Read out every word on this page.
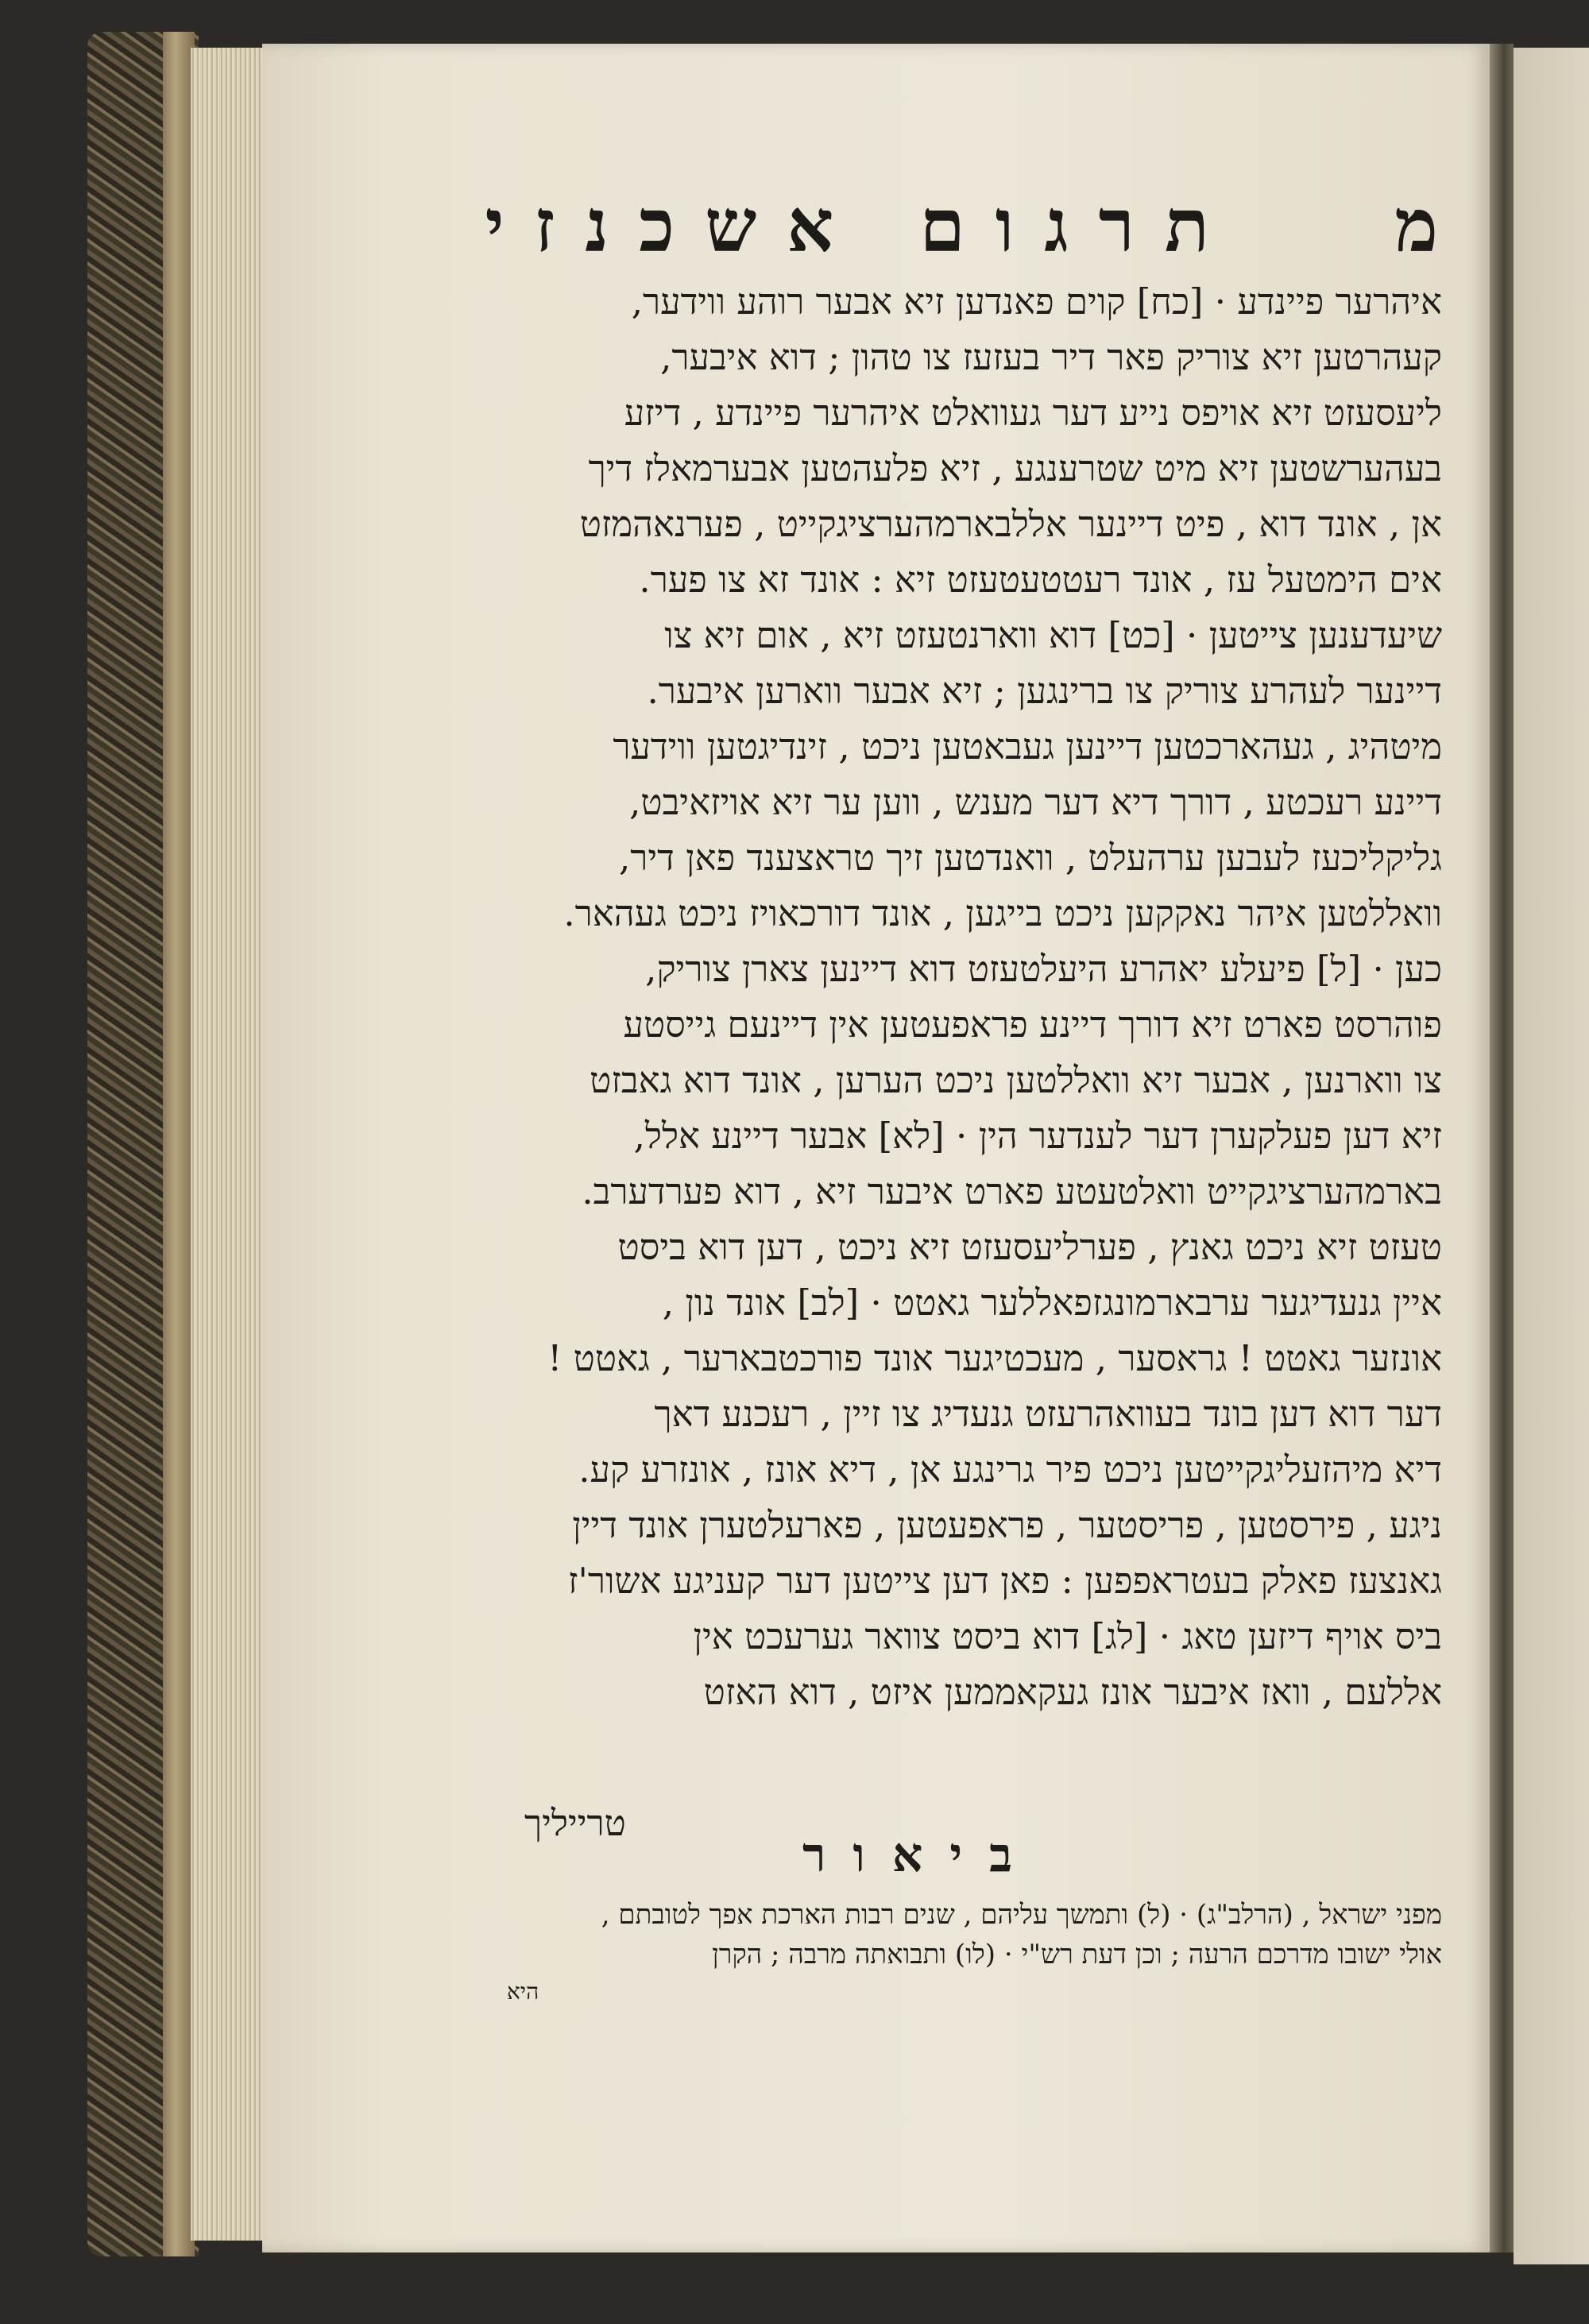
מ
תרגום אשכנזי
איהרער פיינדע · [כח] קוים פאנדען זיא אבער רוהע ווידער,
קעהרטען זיא צוריק פאר דיר בעזעז צו טהון ; דוא איבער,
ליעסעזט זיא אויפס נייע דער געוואלט איהרער פיינדע , דיזע
בעהערשטען זיא מיט שטרענגע , זיא פלעהטען אבערמאלז דיך
אן , אונד דוא , פיט דיינער אללבארמהערציגקייט , פערנאהמזט
אים הימטעל עז , אונד רעטטעטעזט זיא : אונד זא צו פער.
שיעדענען צייטען · [כט] דוא ווארנטעזט זיא , אום זיא צו
דיינער לעהרע צוריק צו ברינגען ; זיא אבער ווארען איבער.
מיטהיג , געהארכטען דיינען געבאטען ניכט , זינדיגטען ווידער
דיינע רעכטע , דורך דיא דער מענש , ווען ער זיא אויזאיבט,
גליקליכעז לעבען ערהעלט , וואנדטען זיך טראצענד פאן דיר,
וואללטען איהר נאקקען ניכט בייגען , אונד דורכאויז ניכט געהאר.
כען · [ל] פיעלע יאהרע היעלטעזט דוא דיינען צארן צוריק,
פוהרסט פארט זיא דורך דיינע פראפעטען אין דיינעם גייסטע
צו ווארנען , אבער זיא וואללטען ניכט הערען , אונד דוא גאבזט
זיא דען פעלקערן דער לענדער הין · [לא] אבער דיינע אלל,
בארמהערציגקייט וואלטעטע פארט איבער זיא , דוא פערדערב.
טעזט זיא ניכט גאנץ , פערליעסעזט זיא ניכט , דען דוא ביסט
איין גנעדיגער ערבארמונגזפאללער גאטט · [לב] אונד נון ,
אונזער גאטט ! גראסער , מעכטיגער אונד פורכטבארער , גאטט !
דער דוא דען בונד בעוואהרעזט גנעדיג צו זיין , רעכנע דאך
דיא מיהזעליגקייטען ניכט פיר גרינגע אן , דיא אונז , אונזרע קע.
ניגע , פירסטען , פריסטער , פראפעטען , פארעלטערן אונד דיין
גאנצעז פאלק בעטראפפען : פאן דען צייטען דער קעניגע אשור'ז
ביס אויף דיזען טאג · [לג] דוא ביסט צוואר גערעכט אין
אללעם , וואז איבער אונז געקאממען איזט , דוא האזט
טרייליך
ביאור
מפני ישראל , (הרלב"ג) · (ל) ותמשך עליהם , שנים רבות הארכת אפך לטובתם ,
אולי ישובו מדרכם הרעה ; וכן דעת רש"י · (לו) ותבואתה מרבה ; הקרן
היא
